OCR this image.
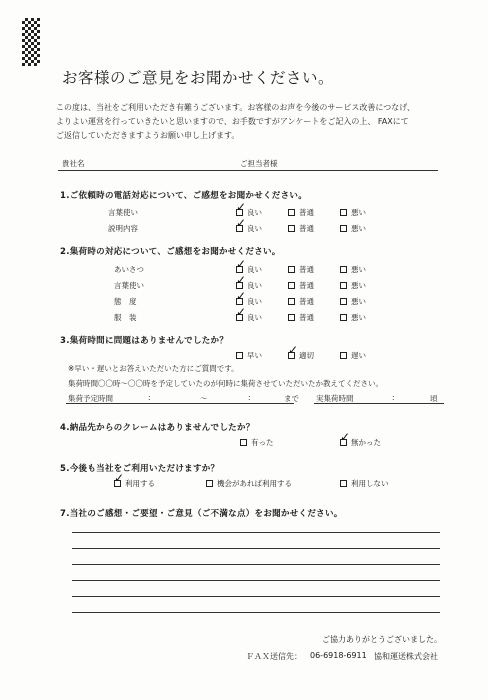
お客様のご意見をお聞かせください。
この度は、当社をご利用いただき有難うございます。お客様のお声を今後のサービス改善につなげ、
よりよい運営を行っていきたいと思いますので、お手数ですがアンケートをご記入の上、 FAXにて
ご返信していただきますようお願い申し上げます。
貴社名	ご担当者様
1.ご依頼時の電話対応について、ご感想をお聞かせください。
言葉使い ✓	良い	普通	悪い
説明内容 ✓	良い	普通	悪い
2.集荷時の対応について、ご感想をお聞かせください。
あいさつ ✓	良い	普通	悪い
言葉使い ✓	良い	普通	悪い
態　度 ✓	良い	普通	悪い
服　装 ✓	良い	普通	悪い
3.集荷時間に問題はありませんでしたか？
早い ✓	適切	遅い
※早い・遅いとお答えいただいた方にご質問です。
集荷時間〇〇時～〇〇時を予定していたのが何時に集荷させていただいたか教えてください。
集荷予定時間	:	～	:	まで 実集荷時間	:	頃
4.納品先からのクレームはありませんでしたか？
有った ✓	無かった
5.今後も当社をご利用いただけますか？
✓
利用する	機会があれば利用する	利用しない
7.当社のご感想・ご要望・ご意見（ご不満な点）をお聞かせください。
ご協力ありがとうございました。
ＦＡＸ送信先： 06-6918-6911 協和運送株式会社
